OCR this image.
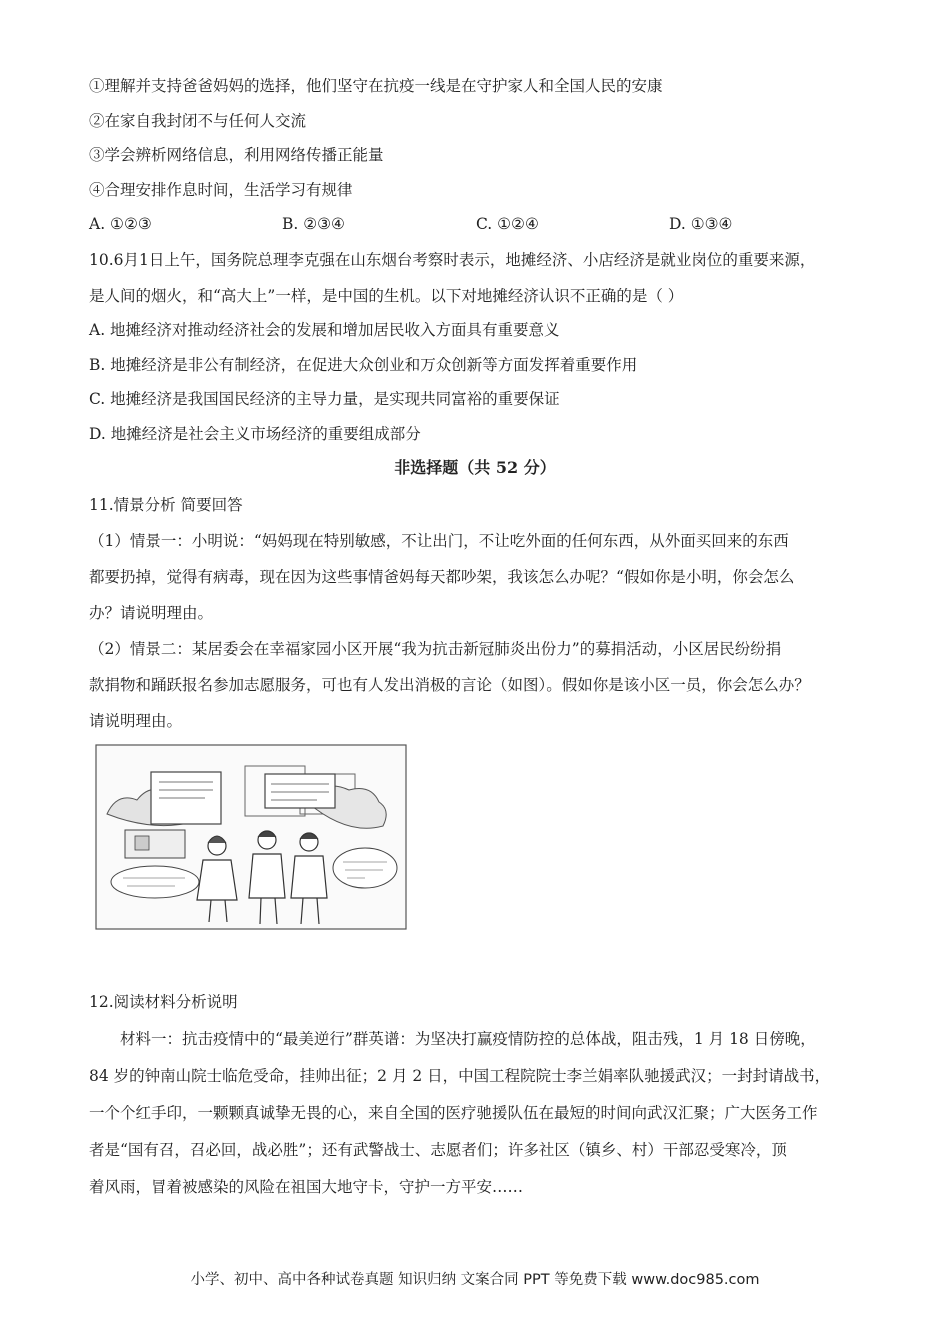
①理解并支持爸爸妈妈的选择，他们坚守在抗疫一线是在守护家人和全国人民的安康
②在家自我封闭不与任何人交流
③学会辨析网络信息，利用网络传播正能量
④合理安排作息时间，生活学习有规律
A. ①②③	B. ②③④	C. ①②④	D. ①③④
10.6月1日上午，国务院总理李克强在山东烟台考察时表示，地摊经济、小店经济是就业岗位的重要来源，
是人间的烟火，和“高大上”一样，是中国的生机。以下对地摊经济认识不正确的是（ ）
A. 地摊经济对推动经济社会的发展和增加居民收入方面具有重要意义
B. 地摊经济是非公有制经济，在促进大众创业和万众创新等方面发挥着重要作用
C. 地摊经济是我国国民经济的主导力量，是实现共同富裕的重要保证
D. 地摊经济是社会主义市场经济的重要组成部分
非选择题（共 52 分）
11.情景分析 简要回答
（1）情景一：小明说：“妈妈现在特别敏感，不让出门，不让吃外面的任何东西，从外面买回来的东西
都要扔掉，觉得有病毒，现在因为这些事情爸妈每天都吵架，我该怎么办呢？“假如你是小明，你会怎么
办？请说明理由。
（2）情景二：某居委会在幸福家园小区开展“我为抗击新冠肺炎出份力”的募捐活动，小区居民纷纷捐
款捐物和踊跃报名参加志愿服务，可也有人发出消极的言论（如图）。假如你是该小区一员，你会怎么办？
请说明理由。
12.阅读材料分析说明
材料一：抗击疫情中的“最美逆行”群英谱：为坚决打赢疫情防控的总体战，阻击残，1 月 18 日傍晚，
84 岁的钟南山院士临危受命，挂帅出征；2 月 2 日，中国工程院院士李兰娟率队驰援武汉；一封封请战书，
一个个红手印，一颗颗真诚挚无畏的心，来自全国的医疗驰援队伍在最短的时间向武汉汇聚；广大医务工作
者是“国有召，召必回，战必胜”；还有武警战士、志愿者们；许多社区（镇乡、村）干部忍受寒冷，顶
着风雨，冒着被感染的风险在祖国大地守卡，守护一方平安……
小学、初中、高中各种试卷真题 知识归纳 文案合同 PPT 等免费下载 www.doc985.com
